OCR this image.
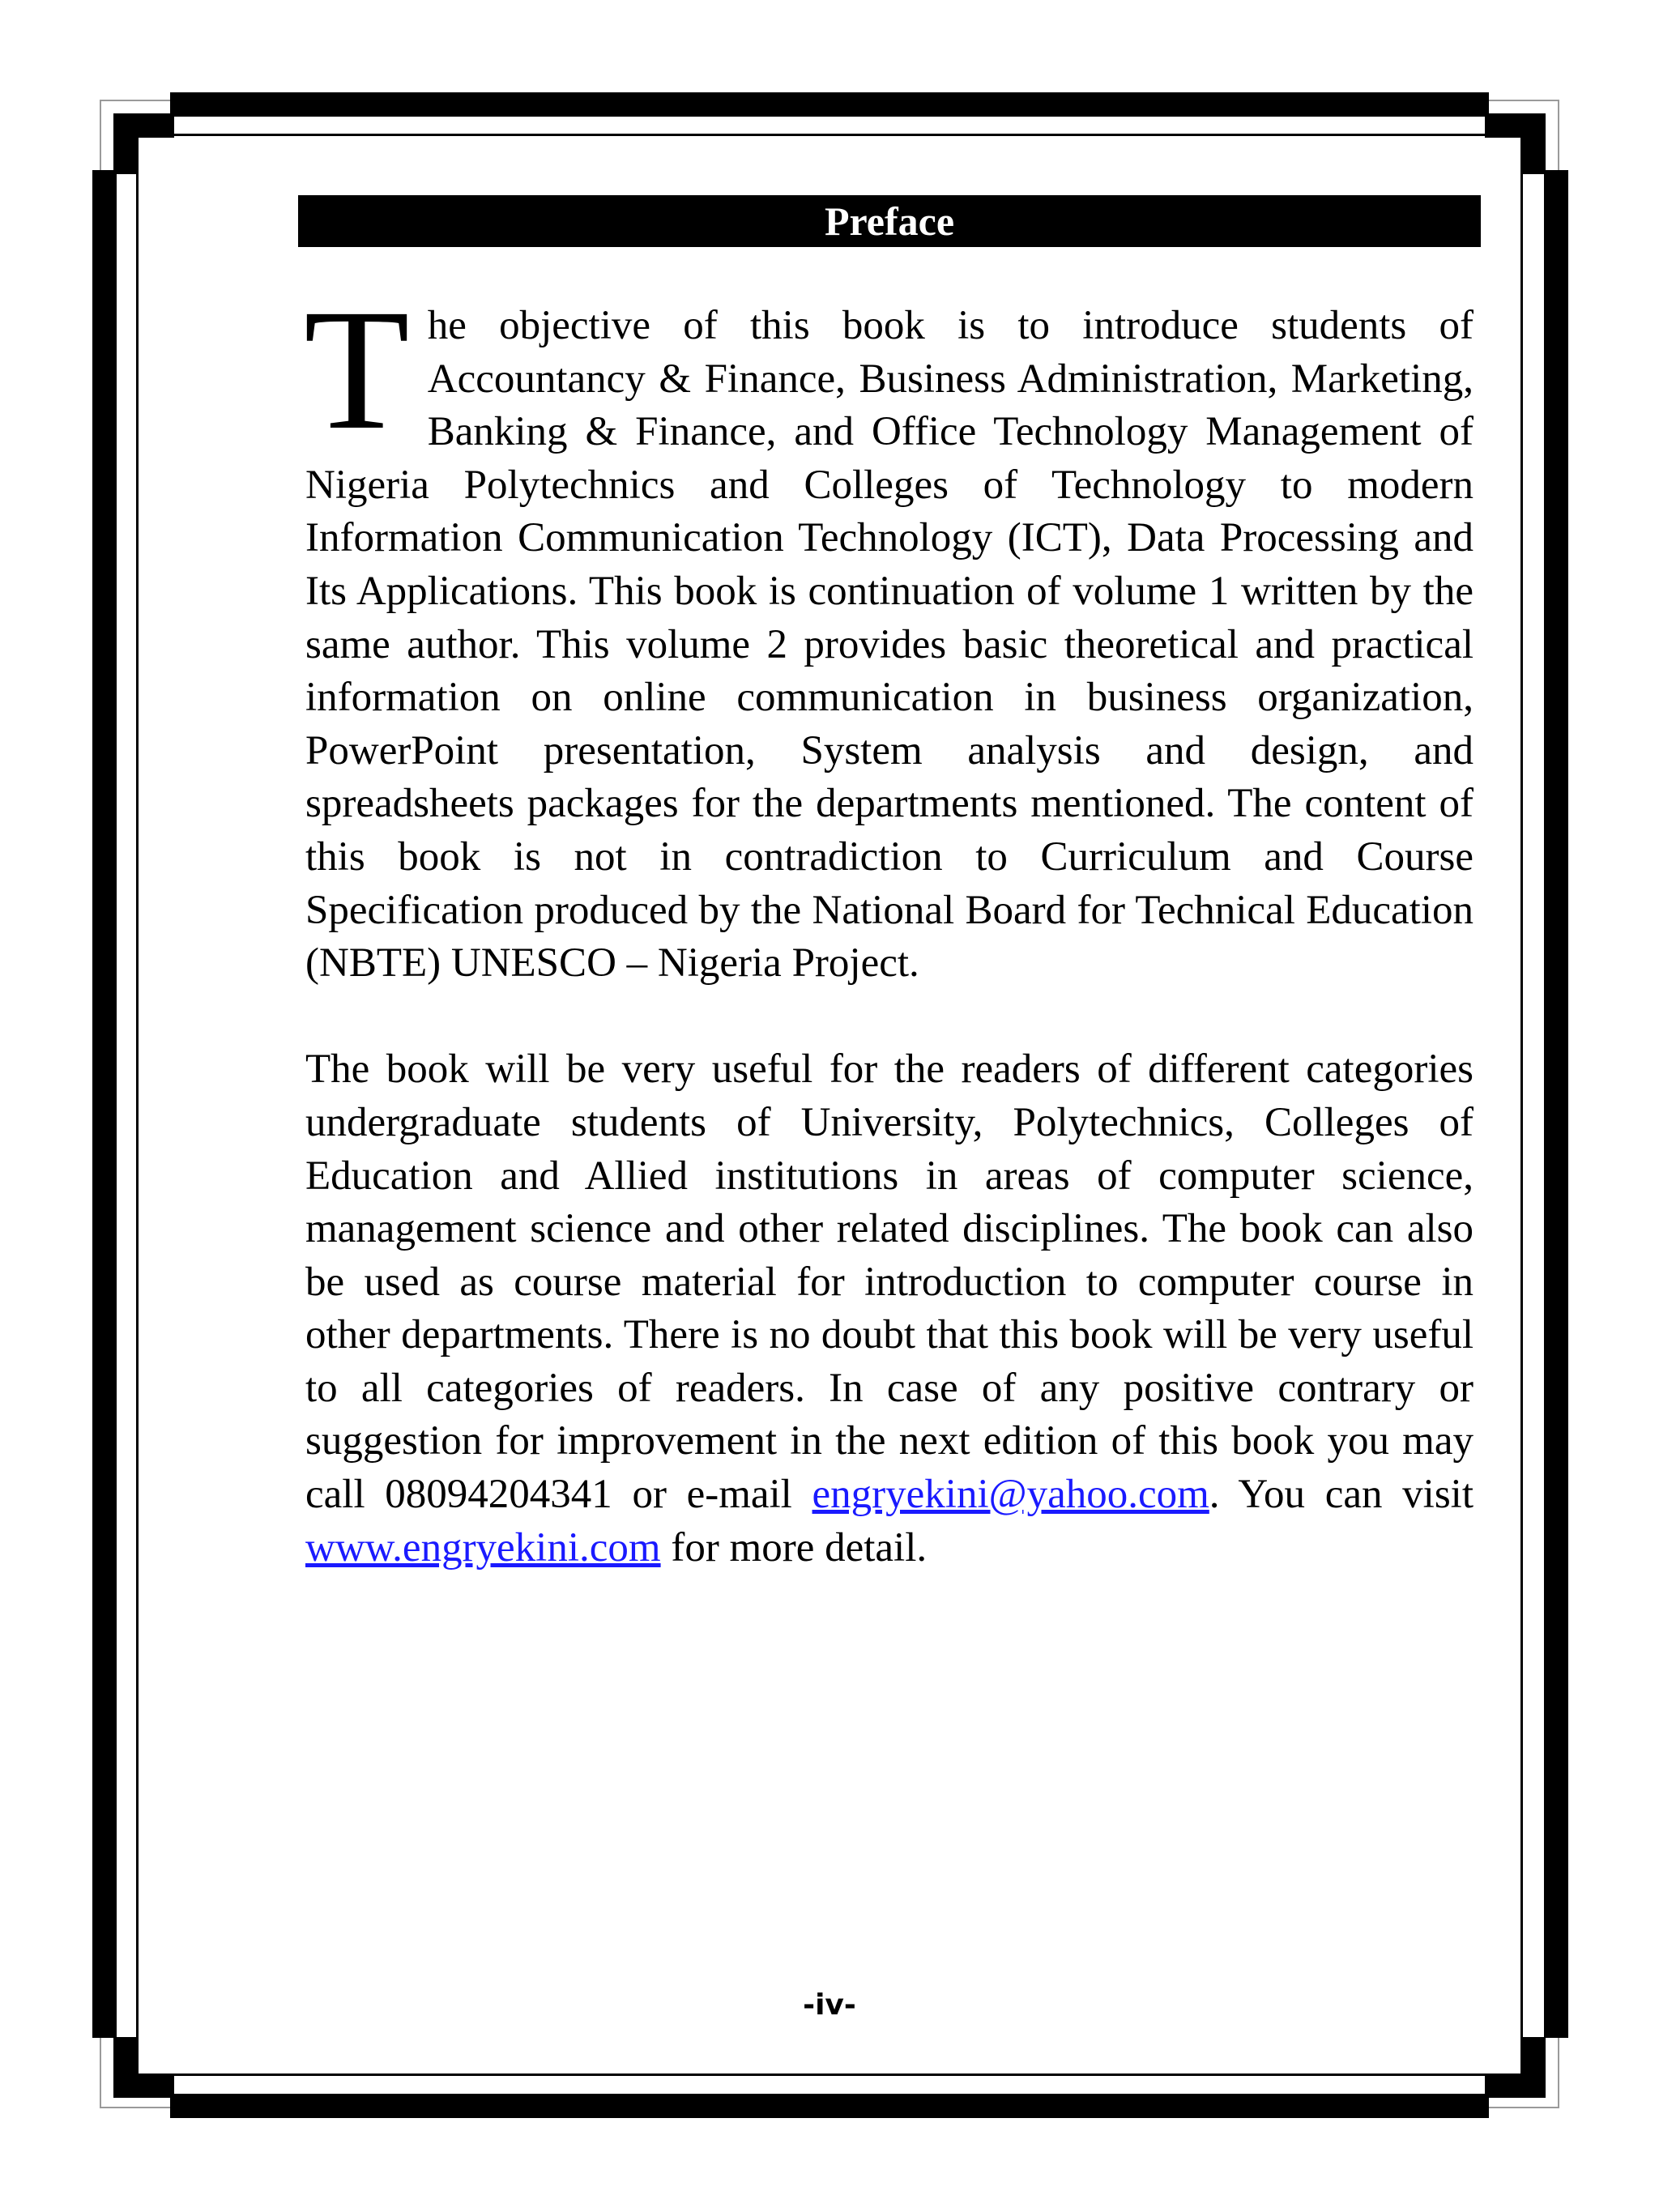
Preface

The objective of this book is to introduce students of Accountancy & Finance, Business Administration, Marketing, Banking & Finance, and Office Technology Management of Nigeria Polytechnics and Colleges of Technology to modern Information Communication Technology (ICT), Data Processing and Its Applications. This book is continuation of volume 1 written by the same author. This volume 2 provides basic theoretical and practical information on online communication in business organization, PowerPoint presentation, System analysis and design, and spreadsheets packages for the departments mentioned. The content of this book is not in contradiction to Curriculum and Course Specification produced by the National Board for Technical Education (NBTE) UNESCO – Nigeria Project.

The book will be very useful for the readers of different categories undergraduate students of University, Polytechnics, Colleges of Education and Allied institutions in areas of computer science, management science and other related disciplines. The book can also be used as course material for introduction to computer course in other departments. There is no doubt that this book will be very useful to all categories of readers. In case of any positive contrary or suggestion for improvement in the next edition of this book you may call 08094204341 or e-mail engryekini@yahoo.com. You can visit www.engryekini.com for more detail.

-iv-
